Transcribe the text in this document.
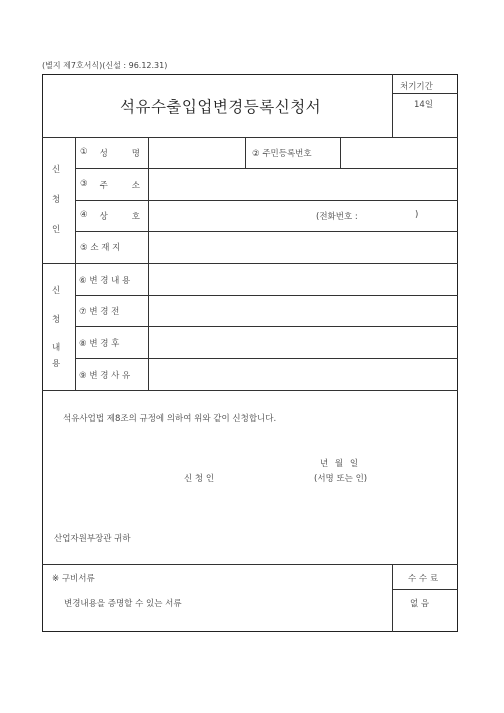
(별지 제7호서식)(신설 : 96.12.31)
석유수출입업변경등록신청서
처기기간
14일
신
청
인
① 성	명	② 주민등록번호
③ 주	소
④ 상	호	(전화번호 :	)
⑤ 소 재 지
신
청
내
용
⑥ 변 경 내 용
⑦ 변 경 전
⑧ 변 경 후
⑨ 변 경 사 유
석유사업법 제8조의 규정에 의하여 위와 같이 신청합니다.
년 월 일
신 청 인	(서명 또는 인)
산업자원부장관 귀하
※ 구비서류
변경내용을 증명할 수 있는 서류
수 수 료
없 음
